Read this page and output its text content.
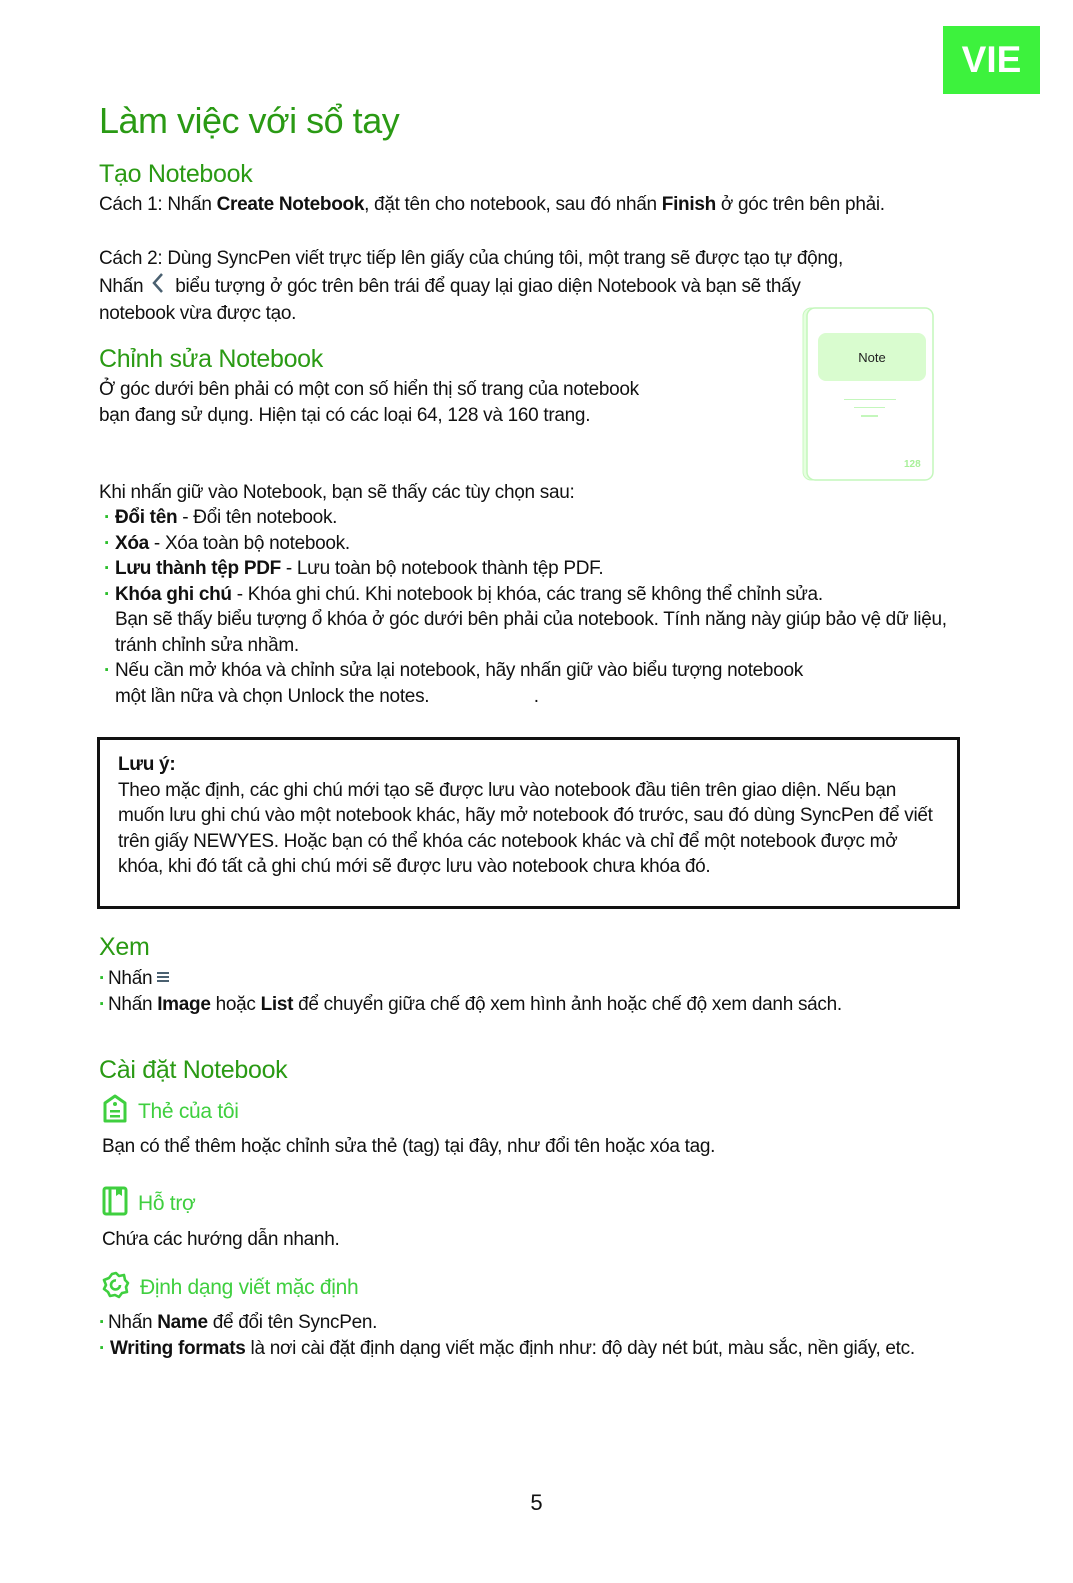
VIE
Làm việc với sổ tay
Tạo Notebook
Cách 1: Nhấn Create Notebook, đặt tên cho notebook, sau đó nhấn Finish ở góc trên bên phải.
Cách 2: Dùng SyncPen viết trực tiếp lên giấy của chúng tôi, một trang sẽ được tạo tự động,
Nhấn biểu tượng ở góc trên bên trái để quay lại giao diện Notebook và bạn sẽ thấy
notebook vừa được tạo.
Note
128
Chỉnh sửa Notebook
Ở góc dưới bên phải có một con số hiển thị số trang của notebook bạn đang sử dụng. Hiện tại có các loại 64, 128 và 160 trang.
Khi nhấn giữ vào Notebook, bạn sẽ thấy các tùy chọn sau:
· Đổi tên - Đổi tên notebook.
· Xóa - Xóa toàn bộ notebook.
· Lưu thành tệp PDF - Lưu toàn bộ notebook thành tệp PDF.
· Khóa ghi chú - Khóa ghi chú. Khi notebook bị khóa, các trang sẽ không thể chỉnh sửa.
Bạn sẽ thấy biểu tượng ổ khóa ở góc dưới bên phải của notebook. Tính năng này giúp bảo vệ dữ liệu, tránh chỉnh sửa nhầm.
· Nếu cần mở khóa và chỉnh sửa lại notebook, hãy nhấn giữ vào biểu tượng notebook
một lần nữa và chọn Unlock the notes.                     .
Lưu ý:
Theo mặc định, các ghi chú mới tạo sẽ được lưu vào notebook đầu tiên trên giao diện. Nếu bạn muốn lưu ghi chú vào một notebook khác, hãy mở notebook đó trước, sau đó dùng SyncPen để viết trên giấy NEWYES. Hoặc bạn có thể khóa các notebook khác và chỉ để một notebook được mở khóa, khi đó tất cả ghi chú mới sẽ được lưu vào notebook chưa khóa đó.
Xem
· Nhấn
· Nhấn Image hoặc List để chuyển giữa chế độ xem hình ảnh hoặc chế độ xem danh sách.
Cài đặt Notebook
Thẻ của tôi
Bạn có thể thêm hoặc chỉnh sửa thẻ (tag) tại đây, như đổi tên hoặc xóa tag.
Hỗ trợ
Chứa các hướng dẫn nhanh.
Định dạng viết mặc định
· Nhấn Name để đổi tên SyncPen.
· Writing formats là nơi cài đặt định dạng viết mặc định như: độ dày nét bút, màu sắc, nền giấy, etc.
5
